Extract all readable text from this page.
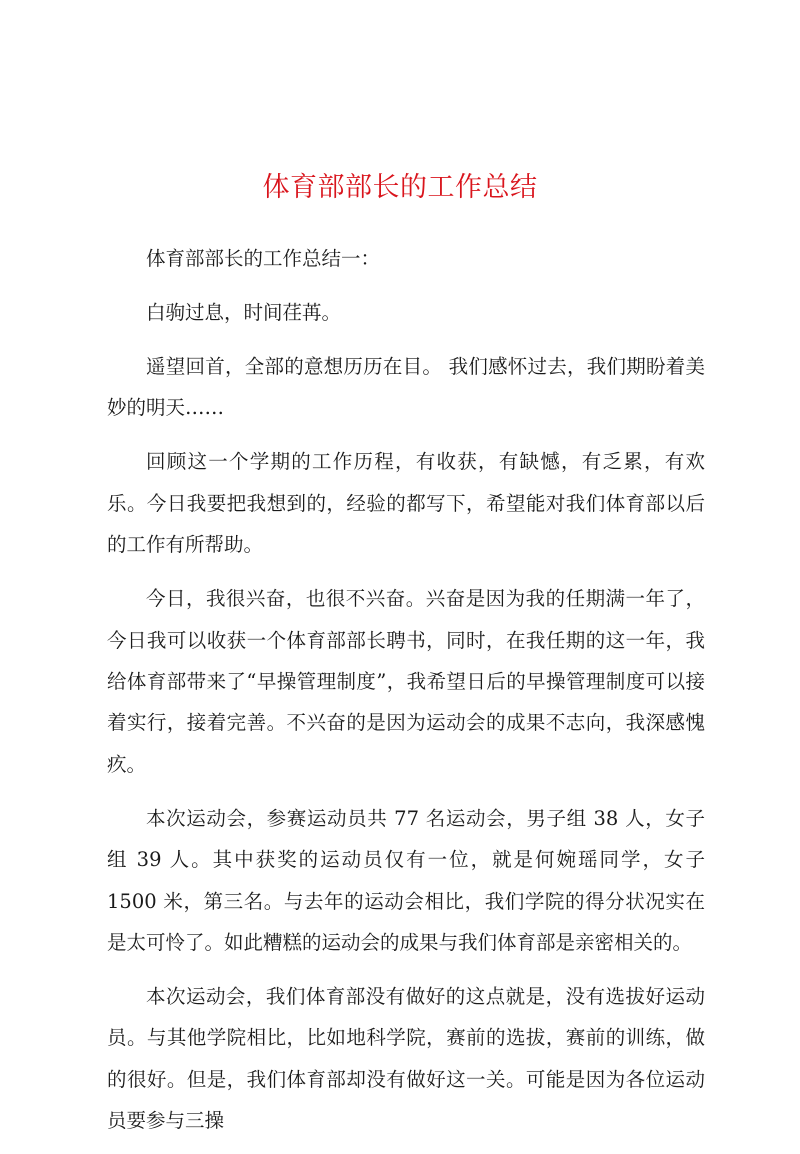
体育部部长的工作总结

体育部部长的工作总结一：

白驹过息，时间荏苒。

遥望回首，全部的意想历历在目。 我们感怀过去，我们期盼着美妙的明天……

回顾这一个学期的工作历程，有收获，有缺憾，有乏累，有欢乐。今日我要把我想到的，经验的都写下，希望能对我们体育部以后的工作有所帮助。

今日，我很兴奋，也很不兴奋。兴奋是因为我的任期满一年了，今日我可以收获一个体育部部长聘书，同时，在我任期的这一年，我给体育部带来了“早操管理制度”，我希望日后的早操管理制度可以接着实行，接着完善。不兴奋的是因为运动会的成果不志向，我深感愧疚。

本次运动会，参赛运动员共 77 名运动会，男子组 38 人，女子组 39 人。其中获奖的运动员仅有一位，就是何婉瑶同学，女子 1500 米，第三名。与去年的运动会相比，我们学院的得分状况实在是太可怜了。如此糟糕的运动会的成果与我们体育部是亲密相关的。

本次运动会，我们体育部没有做好的这点就是，没有选拔好运动员。与其他学院相比，比如地科学院，赛前的选拔，赛前的训练，做的很好。但是，我们体育部却没有做好这一关。可能是因为各位运动员要参与三操
